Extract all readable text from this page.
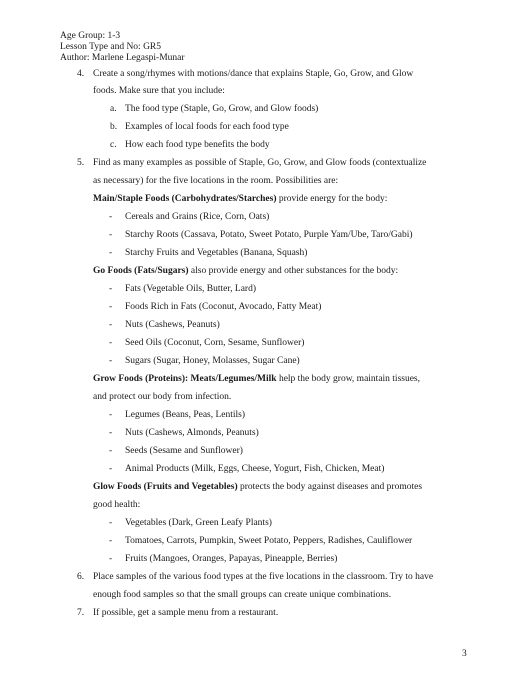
Age Group: 1-3
Lesson Type and No: GR5
Author: Marlene Legaspi-Munar
4. Create a song/rhymes with motions/dance that explains Staple, Go, Grow, and Glow
foods. Make sure that you include:
a. The food type (Staple, Go, Grow, and Glow foods)
b. Examples of local foods for each food type
c. How each food type benefits the body
5. Find as many examples as possible of Staple, Go, Grow, and Glow foods (contextualize
as necessary) for the five locations in the room. Possibilities are:
Main/Staple Foods (Carbohydrates/Starches) provide energy for the body:
- Cereals and Grains (Rice, Corn, Oats)
- Starchy Roots (Cassava, Potato, Sweet Potato, Purple Yam/Ube, Taro/Gabi)
- Starchy Fruits and Vegetables (Banana, Squash)
Go Foods (Fats/Sugars) also provide energy and other substances for the body:
- Fats (Vegetable Oils, Butter, Lard)
- Foods Rich in Fats (Coconut, Avocado, Fatty Meat)
- Nuts (Cashews, Peanuts)
- Seed Oils (Coconut, Corn, Sesame, Sunflower)
- Sugars (Sugar, Honey, Molasses, Sugar Cane)
Grow Foods (Proteins): Meats/Legumes/Milk help the body grow, maintain tissues,
and protect our body from infection.
- Legumes (Beans, Peas, Lentils)
- Nuts (Cashews, Almonds, Peanuts)
- Seeds (Sesame and Sunflower)
- Animal Products (Milk, Eggs, Cheese, Yogurt, Fish, Chicken, Meat)
Glow Foods (Fruits and Vegetables) protects the body against diseases and promotes
good health:
- Vegetables (Dark, Green Leafy Plants)
- Tomatoes, Carrots, Pumpkin, Sweet Potato, Peppers, Radishes, Cauliflower
- Fruits (Mangoes, Oranges, Papayas, Pineapple, Berries)
6. Place samples of the various food types at the five locations in the classroom. Try to have
enough food samples so that the small groups can create unique combinations.
7. If possible, get a sample menu from a restaurant.
3
